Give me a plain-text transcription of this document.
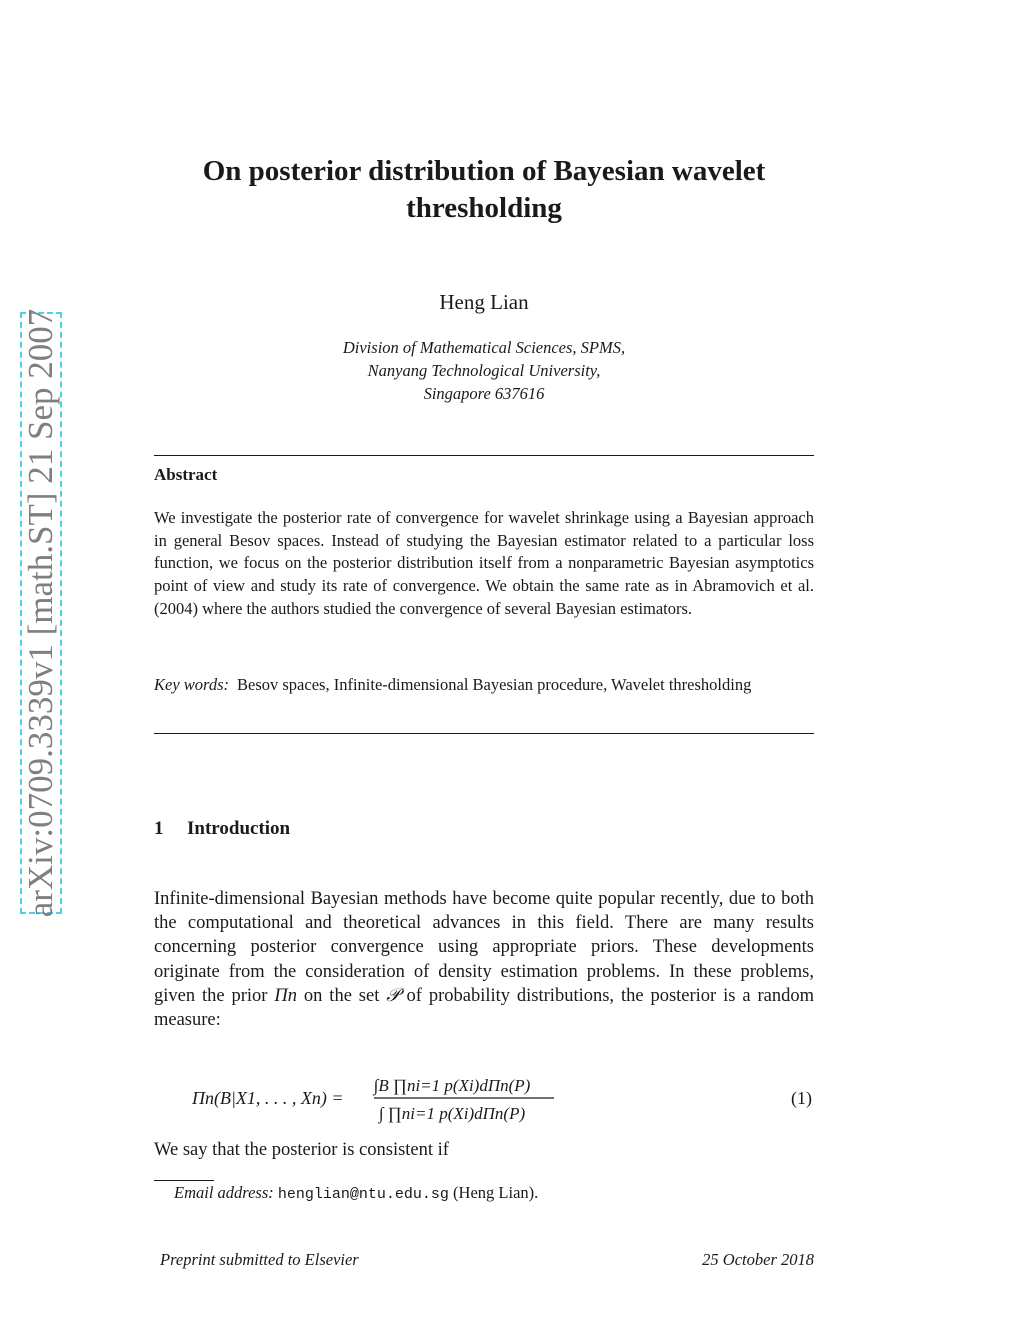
arXiv:0709.3339v1 [math.ST] 21 Sep 2007
On posterior distribution of Bayesian wavelet thresholding
Heng Lian
Division of Mathematical Sciences, SPMS,
Nanyang Technological University,
Singapore 637616
Abstract
We investigate the posterior rate of convergence for wavelet shrinkage using a Bayesian approach in general Besov spaces. Instead of studying the Bayesian estimator related to a particular loss function, we focus on the posterior distribution itself from a nonparametric Bayesian asymptotics point of view and study its rate of convergence. We obtain the same rate as in Abramovich et al. (2004) where the authors studied the convergence of several Bayesian estimators.
Key words: Besov spaces, Infinite-dimensional Bayesian procedure, Wavelet thresholding
1 Introduction
Infinite-dimensional Bayesian methods have become quite popular recently, due to both the computational and theoretical advances in this field. There are many results concerning posterior convergence using appropriate priors. These developments originate from the consideration of density estimation problems. In these problems, given the prior Πn on the set 𝒫 of probability distributions, the posterior is a random measure:
Πn(B|X1, . . . , Xn) =
∫B ∏ni=1 p(Xi)dΠn(P)
∫ ∏ni=1 p(Xi)dΠn(P)
(1)
We say that the posterior is consistent if
Email address: henglian@ntu.edu.sg (Heng Lian).
Preprint submitted to Elsevier	25 October 2018
